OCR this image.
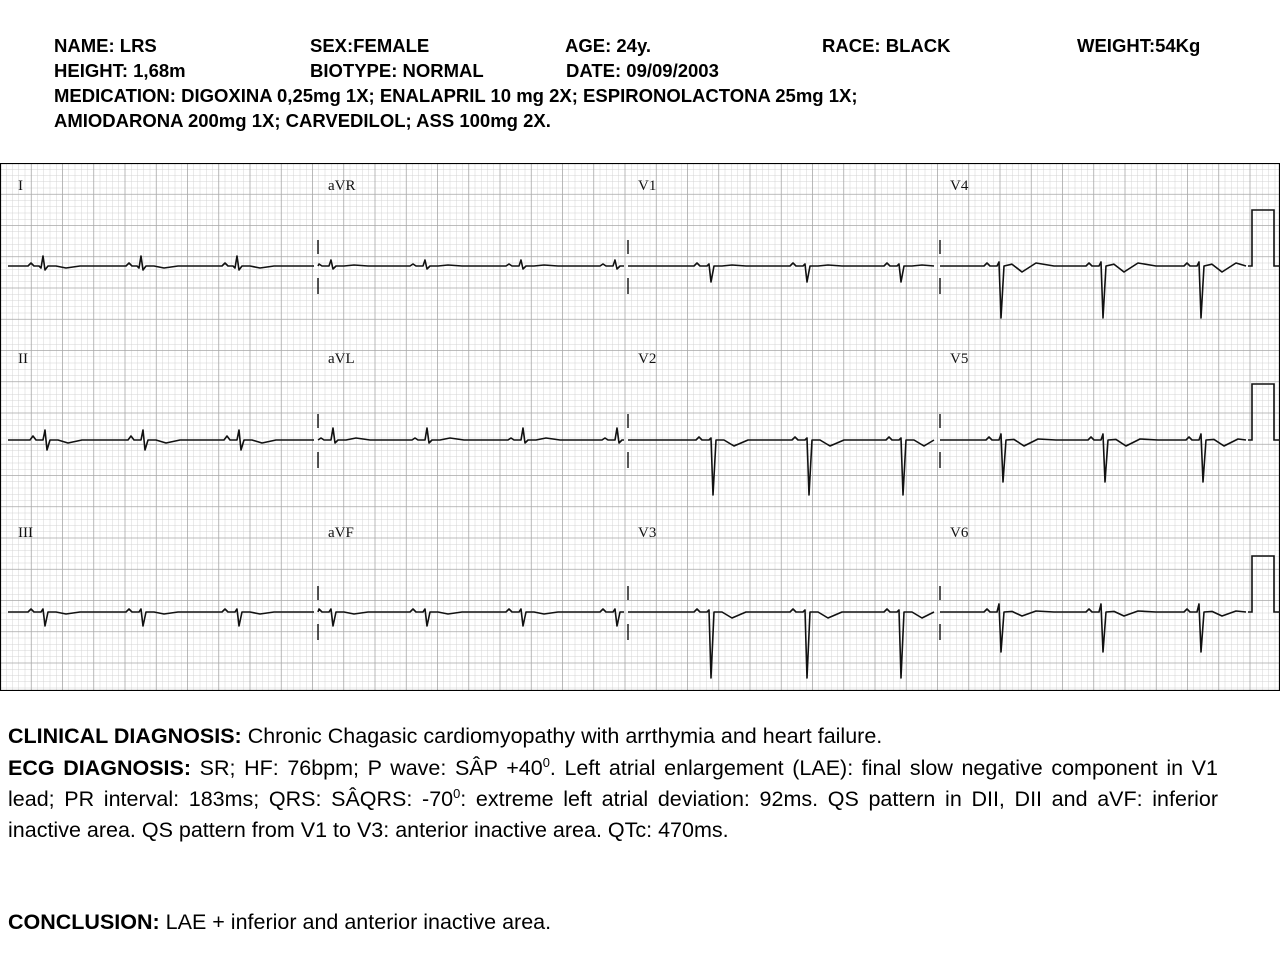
NAME: LRS	SEX:FEMALE	AGE: 24y.	RACE: BLACK	WEIGHT:54Kg
HEIGHT: 1,68m	BIOTYPE: NORMAL	DATE: 09/09/2003
MEDICATION: DIGOXINA 0,25mg 1X; ENALAPRIL 10 mg 2X; ESPIRONOLACTONA 25mg 1X;
AMIODARONA 200mg 1X; CARVEDILOL; ASS 100mg 2X.
I	aVR	V1	V4
II	aVL	V2	V5
III	aVF	V3	V6
CLINICAL DIAGNOSIS: Chronic Chagasic cardiomyopathy with arrthymia and heart failure.
ECG DIAGNOSIS: SR; HF: 76bpm; P wave: SÂP $+40^0$. Left atrial enlargement (LAE): final slow negative component in V1 lead; PR interval: 183ms; QRS: SÂQRS: $-70^0$: extreme left atrial deviation: 92ms. QS pattern in DII, DII and aVF: inferior inactive area. QS pattern from V1 to V3: anterior inactive area. QTc: 470ms.
CONCLUSION: LAE + inferior and anterior inactive area.
